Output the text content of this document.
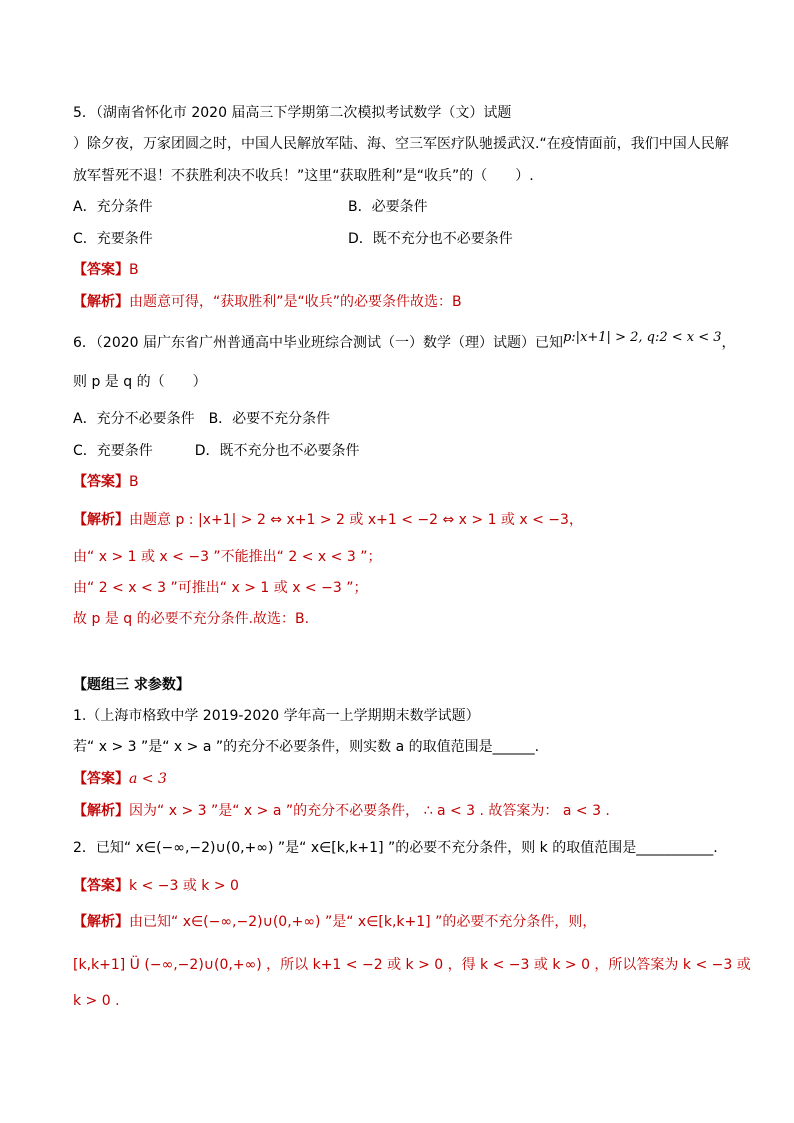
5．（湖南省怀化市 2020 届高三下学期第二次模拟考试数学（文）试题
）除夕夜，万家团圆之时，中国人民解放军陆、海、空三军医疗队驰援武汉.“在疫情面前，我们中国人民解
放军誓死不退！不获胜利决不收兵！”这里“获取胜利”是“收兵”的（　　）.
A．充分条件	B．必要条件
C．充要条件	D．既不充分也不必要条件
【答案】B
【解析】由题意可得，“获取胜利”是“收兵”的必要条件故选：B
6．（2020 届广东省广州普通高中毕业班综合测试（一）数学（理）试题）已知p:|x+1| > 2, q:2 < x < 3，
则 p 是 q 的（　　）
A．充分不必要条件　B．必要不充分条件
C．充要条件　　　D．既不充分也不必要条件
【答案】B
【解析】由题意 p : |x+1| > 2 ⇔ x+1 > 2 或 x+1 < −2 ⇔ x > 1 或 x < −3，
由“ x > 1 或 x < −3 ”不能推出“ 2 < x < 3 ”；
由“ 2 < x < 3 ”可推出“ x > 1 或 x < −3 ”；
故 p 是 q 的必要不充分条件.故选：B.
【题组三 求参数】
1.（上海市格致中学 2019-2020 学年高一上学期期末数学试题）
若“ x > 3 ”是“ x > a ”的充分不必要条件，则实数 a 的取值范围是______.
【答案】a < 3
【解析】因为“ x > 3 ”是“ x > a ”的充分不必要条件， ∴ a < 3 . 故答案为： a < 3 .
2．已知“ x∈(−∞,−2)∪(0,+∞) ”是“ x∈[k,k+1] ”的必要不充分条件，则 k 的取值范围是___________.
【答案】k < −3 或 k > 0
【解析】由已知“ x∈(−∞,−2)∪(0,+∞) ”是“ x∈[k,k+1] ”的必要不充分条件，则，
[k,k+1] Ü (−∞,−2)∪(0,+∞) ，所以 k+1 < −2 或 k > 0 ，得 k < −3 或 k > 0 ，所以答案为 k < −3 或
k > 0 .
